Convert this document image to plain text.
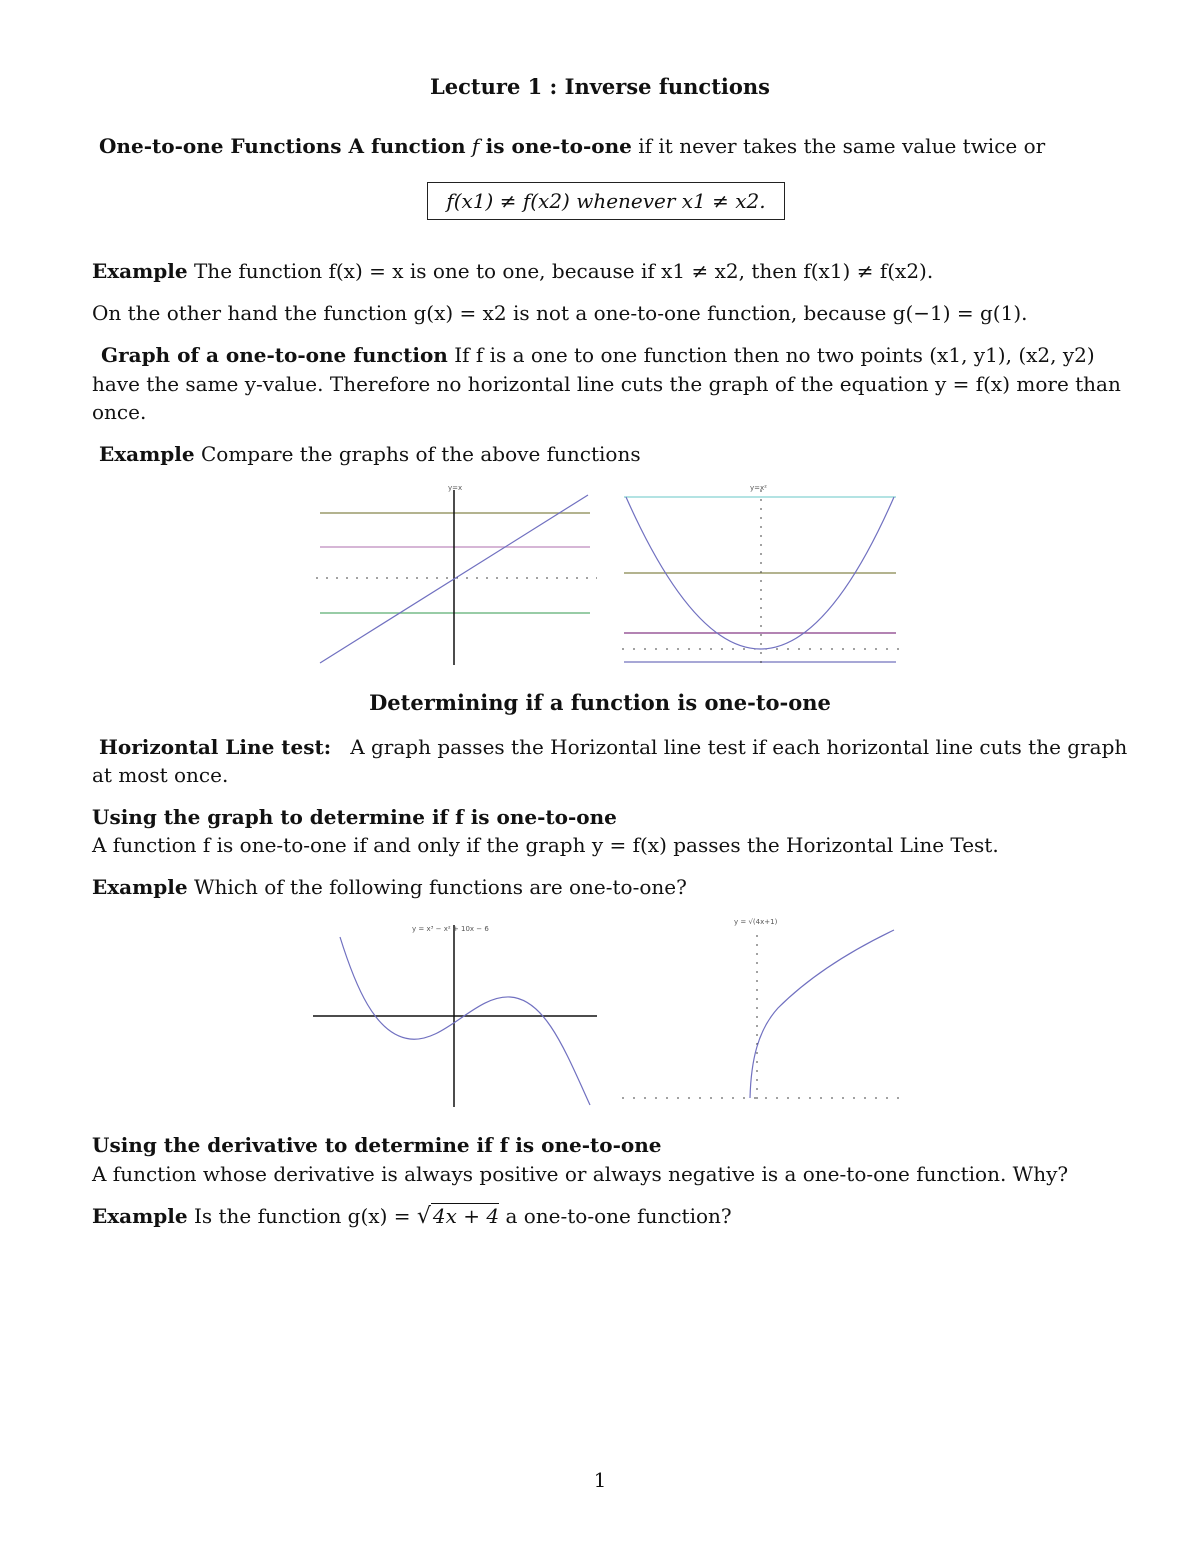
Lecture 1 : Inverse functions
One-to-one Functions A function f is one-to-one if it never takes the same value twice or
f(x1) ≠ f(x2) whenever x1 ≠ x2.
Example The function f(x) = x is one to one, because if x1 ≠ x2, then f(x1) ≠ f(x2).
On the other hand the function g(x) = x2 is not a one-to-one function, because g(−1) = g(1).
Graph of a one-to-one function If f is a one to one function then no two points (x1, y1), (x2, y2)
have the same y-value. Therefore no horizontal line cuts the graph of the equation y = f(x) more than
once.
Example Compare the graphs of the above functions
y=x	y=x²
Determining if a function is one-to-one
Horizontal Line test: A graph passes the Horizontal line test if each horizontal line cuts the graph
at most once.
Using the graph to determine if f is one-to-one
A function f is one-to-one if and only if the graph y = f(x) passes the Horizontal Line Test.
Example Which of the following functions are one-to-one?
y = x³ − x² + 10x − 6
y = √(4x+1)
Using the derivative to determine if f is one-to-one
A function whose derivative is always positive or always negative is a one-to-one function. Why?
Example Is the function g(x) = √ 4x + 4 a one-to-one function?
1
